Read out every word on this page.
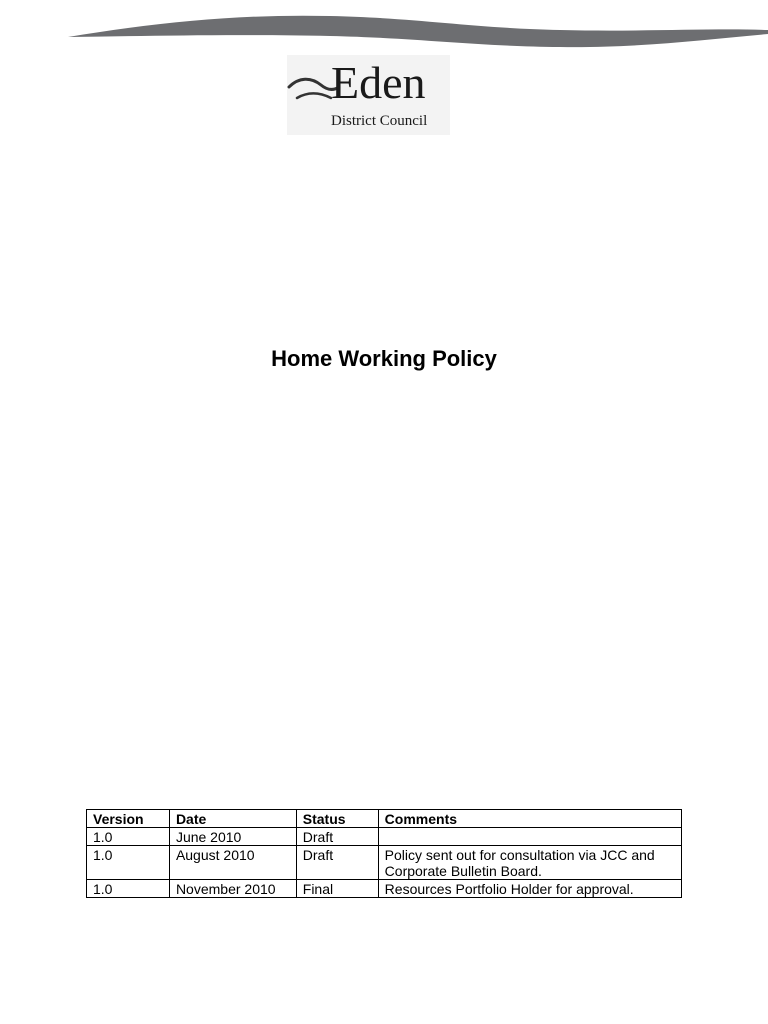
Eden
District Council
Home Working Policy
Version	Date	Status	Comments
1.0	June 2010	Draft	
1.0	August 2010	Draft	Policy sent out for consultation via JCC and Corporate Bulletin Board.
1.0	November 2010	Final	Resources Portfolio Holder for approval.
